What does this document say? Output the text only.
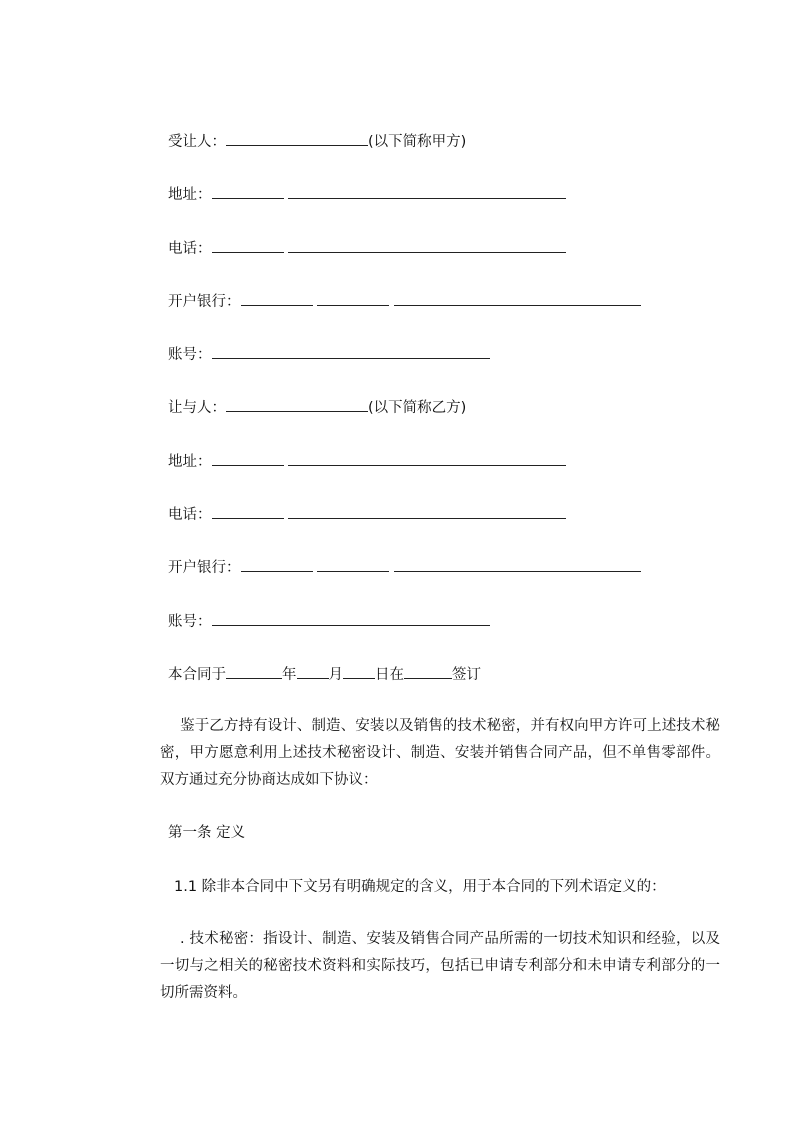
受让人：	(以下简称甲方)
地址：
电话：
开户银行：
账号：
让与人：	(以下简称乙方)
地址：
电话：
开户银行：
账号：
本合同于	年 月 日在	签订
鉴于乙方持有设计、制造、安装以及销售的技术秘密，并有权向甲方许可上述技术秘密，甲方愿意利用上述技术秘密设计、制造、安装并销售合同产品，但不单售零部件。双方通过充分协商达成如下协议：
第一条 定义
1.1 除非本合同中下文另有明确规定的含义，用于本合同的下列术语定义的：
. 技术秘密：指设计、制造、安装及销售合同产品所需的一切技术知识和经验，以及一切与之相关的秘密技术资料和实际技巧，包括已申请专利部分和未申请专利部分的一切所需资料。
